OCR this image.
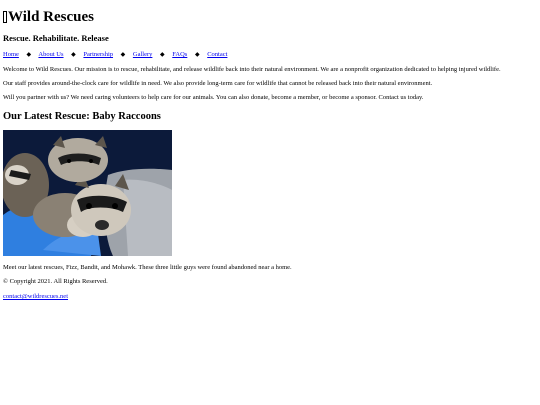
Wild Rescues
Rescue. Rehabilitate. Release
Home ◆ About Us ◆ Partnership ◆ Gallery ◆ FAQs ◆ Contact

Welcome to Wild Rescues. Our mission is to rescue, rehabilitate, and release wildlife back into their natural environment. We are a nonprofit organization dedicated to helping injured wildlife.

Our staff provides around-the-clock care for wildlife in need. We also provide long-term care for wildlife that cannot be released back into their natural environment.

Will you partner with us? We need caring volunteers to help care for our animals. You can also donate, become a member, or become a sponsor. Contact us today.

Our Latest Rescue: Baby Raccoons

Meet our latest rescues, Fizz, Bandit, and Mohawk. These three little guys were found abandoned near a home.

© Copyright 2021. All Rights Reserved.

contact@wildrescues.net
